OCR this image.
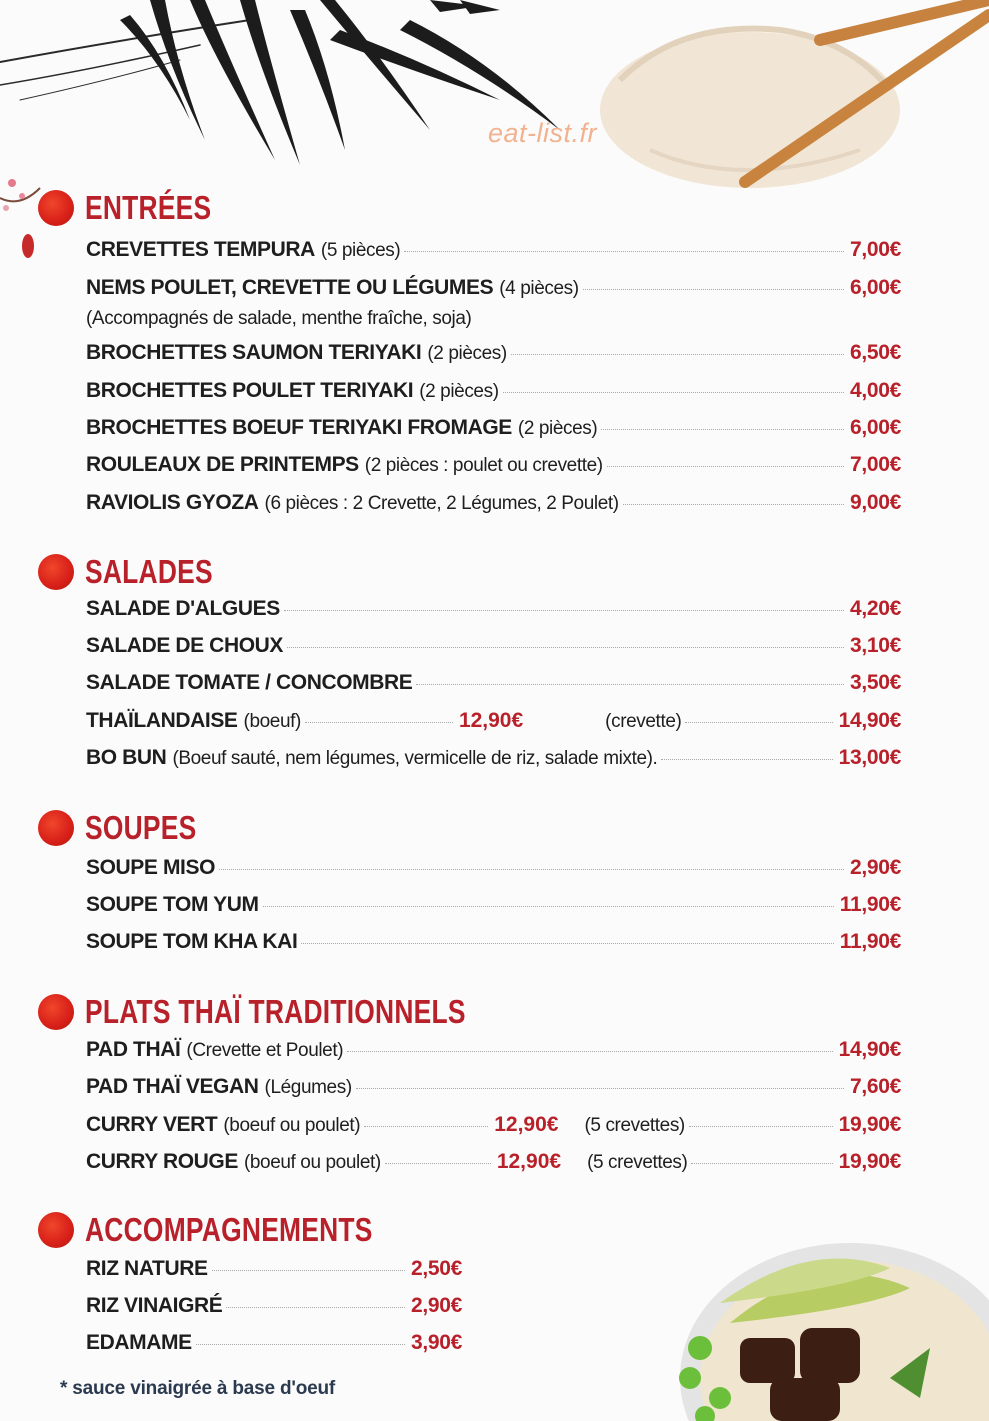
eat-list.fr
ENTRÉES
CREVETTES TEMPURA (5 pièces)	7,00€
NEMS POULET, CREVETTE OU LÉGUMES (4 pièces)	6,00€
(Accompagnés de salade, menthe fraîche, soja)
BROCHETTES SAUMON TERIYAKI (2 pièces)	6,50€
BROCHETTES POULET TERIYAKI (2 pièces)	4,00€
BROCHETTES BOEUF TERIYAKI FROMAGE (2 pièces)	6,00€
ROULEAUX DE PRINTEMPS (2 pièces : poulet ou crevette)	7,00€
RAVIOLIS GYOZA (6 pièces : 2 Crevette, 2 Légumes, 2 Poulet)	9,00€
SALADES
SALADE D'ALGUES	4,20€
SALADE DE CHOUX	3,10€
SALADE TOMATE / CONCOMBRE	3,50€
THAÏLANDAISE (boeuf)	12,90€	(crevette)	14,90€
BO BUN (Boeuf sauté, nem légumes, vermicelle de riz, salade mixte).	13,00€
SOUPES
SOUPE MISO	2,90€
SOUPE TOM YUM	11,90€
SOUPE TOM KHA KAI	11,90€
PLATS THAÏ TRADITIONNELS
PAD THAÏ (Crevette et Poulet)	14,90€
PAD THAÏ VEGAN (Légumes)	7,60€
CURRY VERT (boeuf ou poulet)	12,90€ (5 crevettes)	19,90€
CURRY ROUGE (boeuf ou poulet)	12,90€ (5 crevettes)	19,90€
ACCOMPAGNEMENTS
RIZ NATURE	2,50€
RIZ VINAIGRÉ	2,90€
EDAMAME	3,90€
* sauce vinaigrée à base d'oeuf
